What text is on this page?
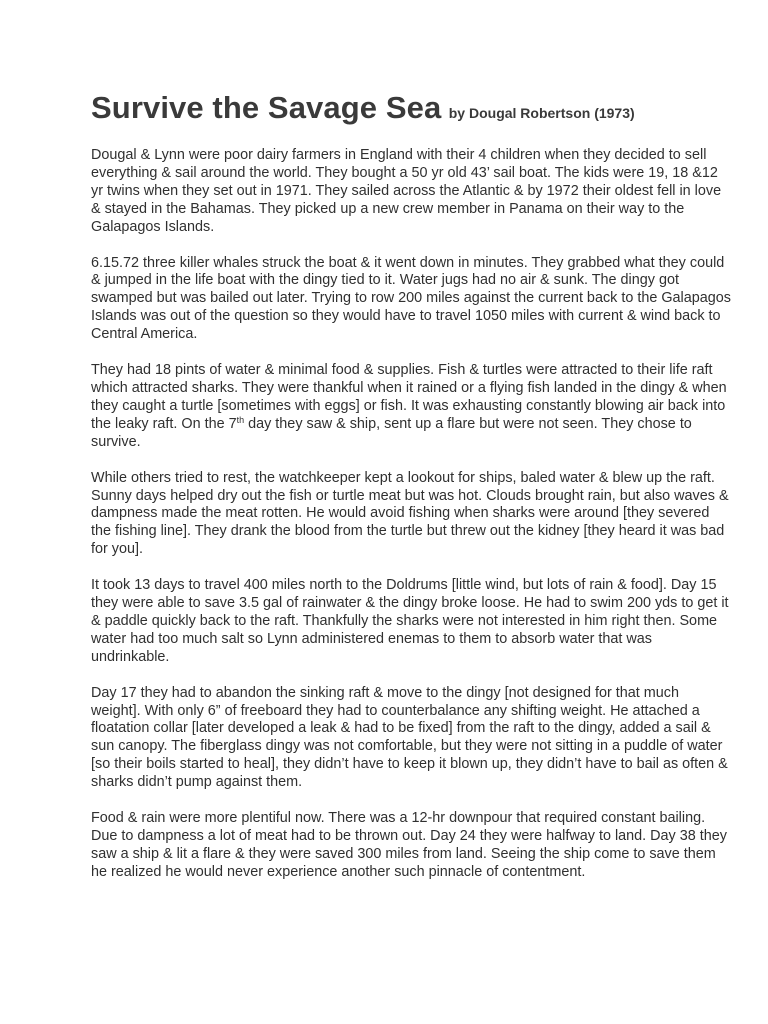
Survive the Savage Sea by Dougal Robertson (1973)

Dougal & Lynn were poor dairy farmers in England with their 4 children when they decided to sell everything & sail around the world. They bought a 50 yr old 43’ sail boat. The kids were 19, 18 &12 yr twins when they set out in 1971. They sailed across the Atlantic & by 1972 their oldest fell in love & stayed in the Bahamas. They picked up a new crew member in Panama on their way to the Galapagos Islands.

6.15.72 three killer whales struck the boat & it went down in minutes. They grabbed what they could & jumped in the life boat with the dingy tied to it. Water jugs had no air & sunk. The dingy got swamped but was bailed out later. Trying to row 200 miles against the current back to the Galapagos Islands was out of the question so they would have to travel 1050 miles with current & wind back to Central America.

They had 18 pints of water & minimal food & supplies. Fish & turtles were attracted to their life raft which attracted sharks. They were thankful when it rained or a flying fish landed in the dingy & when they caught a turtle [sometimes with eggs] or fish. It was exhausting constantly blowing air back into the leaky raft. On the 7th day they saw & ship, sent up a flare but were not seen. They chose to survive.

While others tried to rest, the watchkeeper kept a lookout for ships, baled water & blew up the raft. Sunny days helped dry out the fish or turtle meat but was hot. Clouds brought rain, but also waves & dampness made the meat rotten. He would avoid fishing when sharks were around [they severed the fishing line]. They drank the blood from the turtle but threw out the kidney [they heard it was bad for you].

It took 13 days to travel 400 miles north to the Doldrums [little wind, but lots of rain & food]. Day 15 they were able to save 3.5 gal of rainwater & the dingy broke loose. He had to swim 200 yds to get it & paddle quickly back to the raft. Thankfully the sharks were not interested in him right then. Some water had too much salt so Lynn administered enemas to them to absorb water that was undrinkable.

Day 17 they had to abandon the sinking raft & move to the dingy [not designed for that much weight]. With only 6” of freeboard they had to counterbalance any shifting weight. He attached a floatation collar [later developed a leak & had to be fixed] from the raft to the dingy, added a sail & sun canopy. The fiberglass dingy was not comfortable, but they were not sitting in a puddle of water [so their boils started to heal], they didn’t have to keep it blown up, they didn’t have to bail as often & sharks didn’t pump against them.

Food & rain were more plentiful now. There was a 12-hr downpour that required constant bailing. Due to dampness a lot of meat had to be thrown out. Day 24 they were halfway to land. Day 38 they saw a ship & lit a flare & they were saved 300 miles from land. Seeing the ship come to save them he realized he would never experience another such pinnacle of contentment.
